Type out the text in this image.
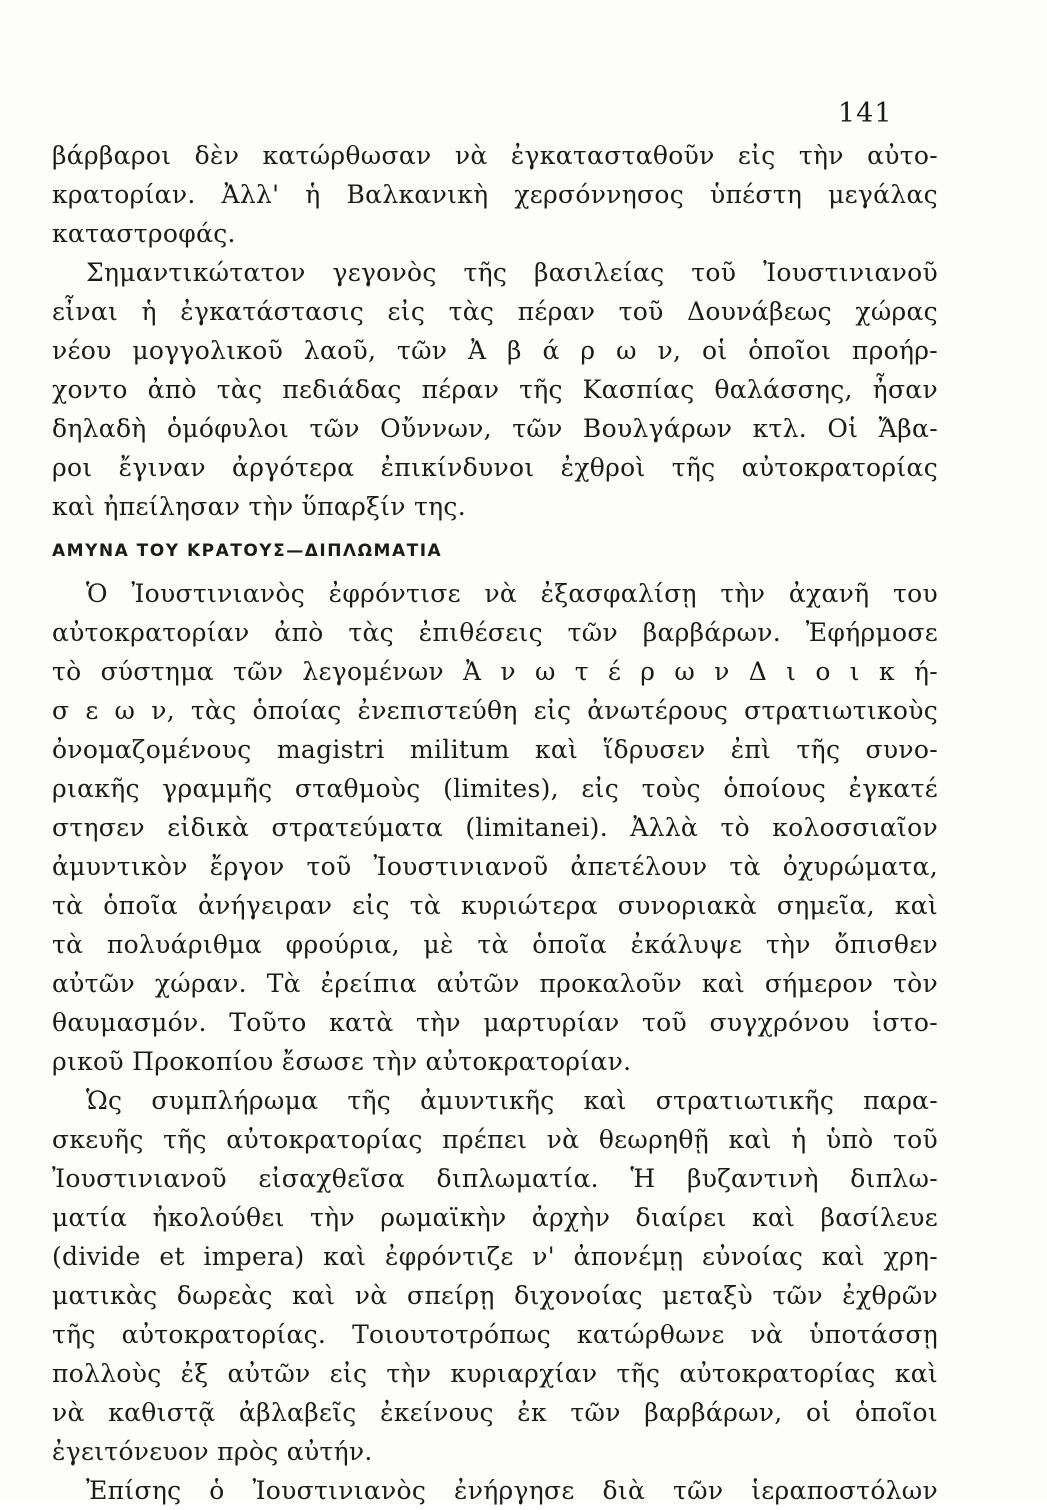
141
βάρβαροι δὲν κατώρθωσαν νὰ ἐγκατασταθοῦν εἰς τὴν αὐτο-
κρατορίαν. Ἀλλ' ἡ Βαλκανικὴ χερσόννησος ὑπέστη μεγάλας
καταστροφάς.
Σημαντικώτατον γεγονὸς τῆς βασιλείας τοῦ Ἰουστινιανοῦ
εἶναι ἡ ἐγκατάστασις εἰς τὰς πέραν τοῦ Δουνάβεως χώρας
νέου μογγολικοῦ λαοῦ, τῶν Ἀ β ά ρ ω ν, οἱ ὁποῖοι προήρ-
χοντο ἀπὸ τὰς πεδιάδας πέραν τῆς Κασπίας θαλάσσης, ἦσαν
δηλαδὴ ὁμόφυλοι τῶν Οὔννων, τῶν Βουλγάρων κτλ. Οἱ Ἄβα-
ροι ἔγιναν ἀργότερα ἐπικίνδυνοι ἐχθροὶ τῆς αὐτοκρατορίας
καὶ ἠπείλησαν τὴν ὕπαρξίν της.
ΑΜΥΝΑ ΤΟΥ ΚΡΑΤΟΥΣ—ΔΙΠΛΩΜΑΤΙΑ
Ὁ Ἰουστινιανὸς ἐφρόντισε νὰ ἐξασφαλίσῃ τὴν ἀχανῆ του
αὐτοκρατορίαν ἀπὸ τὰς ἐπιθέσεις τῶν βαρβάρων. Ἐφήρμοσε
τὸ σύστημα τῶν λεγομένων Ἀ ν ω τ έ ρ ω ν Δ ι ο ι κ ή-
σ ε ω ν, τὰς ὁποίας ἐνεπιστεύθη εἰς ἀνωτέρους στρατιωτικοὺς
ὀνομαζομένους magistri militum καὶ ἵδρυσεν ἐπὶ τῆς συνο-
ριακῆς γραμμῆς σταθμοὺς (limites), εἰς τοὺς ὁποίους ἐγκατέ
στησεν εἰδικὰ στρατεύματα (limitanei). Ἀλλὰ τὸ κολοσσιαῖον
ἀμυντικὸν ἔργον τοῦ Ἰουστινιανοῦ ἀπετέλουν τὰ ὀχυρώματα,
τὰ ὁποῖα ἀνήγειραν εἰς τὰ κυριώτερα συνοριακὰ σημεῖα, καὶ
τὰ πολυάριθμα φρούρια, μὲ τὰ ὁποῖα ἐκάλυψε τὴν ὄπισθεν
αὐτῶν χώραν. Τὰ ἐρείπια αὐτῶν προκαλοῦν καὶ σήμερον τὸν
θαυμασμόν. Τοῦτο κατὰ τὴν μαρτυρίαν τοῦ συγχρόνου ἱστο-
ρικοῦ Προκοπίου ἔσωσε τὴν αὐτοκρατορίαν.
Ὡς συμπλήρωμα τῆς ἀμυντικῆς καὶ στρατιωτικῆς παρα-
σκευῆς τῆς αὐτοκρατορίας πρέπει νὰ θεωρηθῇ καὶ ἡ ὑπὸ τοῦ
Ἰουστινιανοῦ εἰσαχθεῖσα διπλωματία. Ἡ βυζαντινὴ διπλω-
ματία ἠκολούθει τὴν ρωμαϊκὴν ἀρχὴν διαίρει καὶ βασίλευε
(divide et impera) καὶ ἐφρόντιζε ν' ἀπονέμῃ εὐνοίας καὶ χρη-
ματικὰς δωρεὰς καὶ νὰ σπείρῃ διχονοίας μεταξὺ τῶν ἐχθρῶν
τῆς αὐτοκρατορίας. Τοιουτοτρόπως κατώρθωνε νὰ ὑποτάσσῃ
πολλοὺς ἐξ αὐτῶν εἰς τὴν κυριαρχίαν τῆς αὐτοκρατορίας καὶ
νὰ καθιστᾷ ἀβλαβεῖς ἐκείνους ἐκ τῶν βαρβάρων, οἱ ὁποῖοι
ἐγειτόνευον πρὸς αὐτήν.
Ἐπίσης ὁ Ἰουστινιανὸς ἐνήργησε διὰ τῶν ἱεραποστόλων
